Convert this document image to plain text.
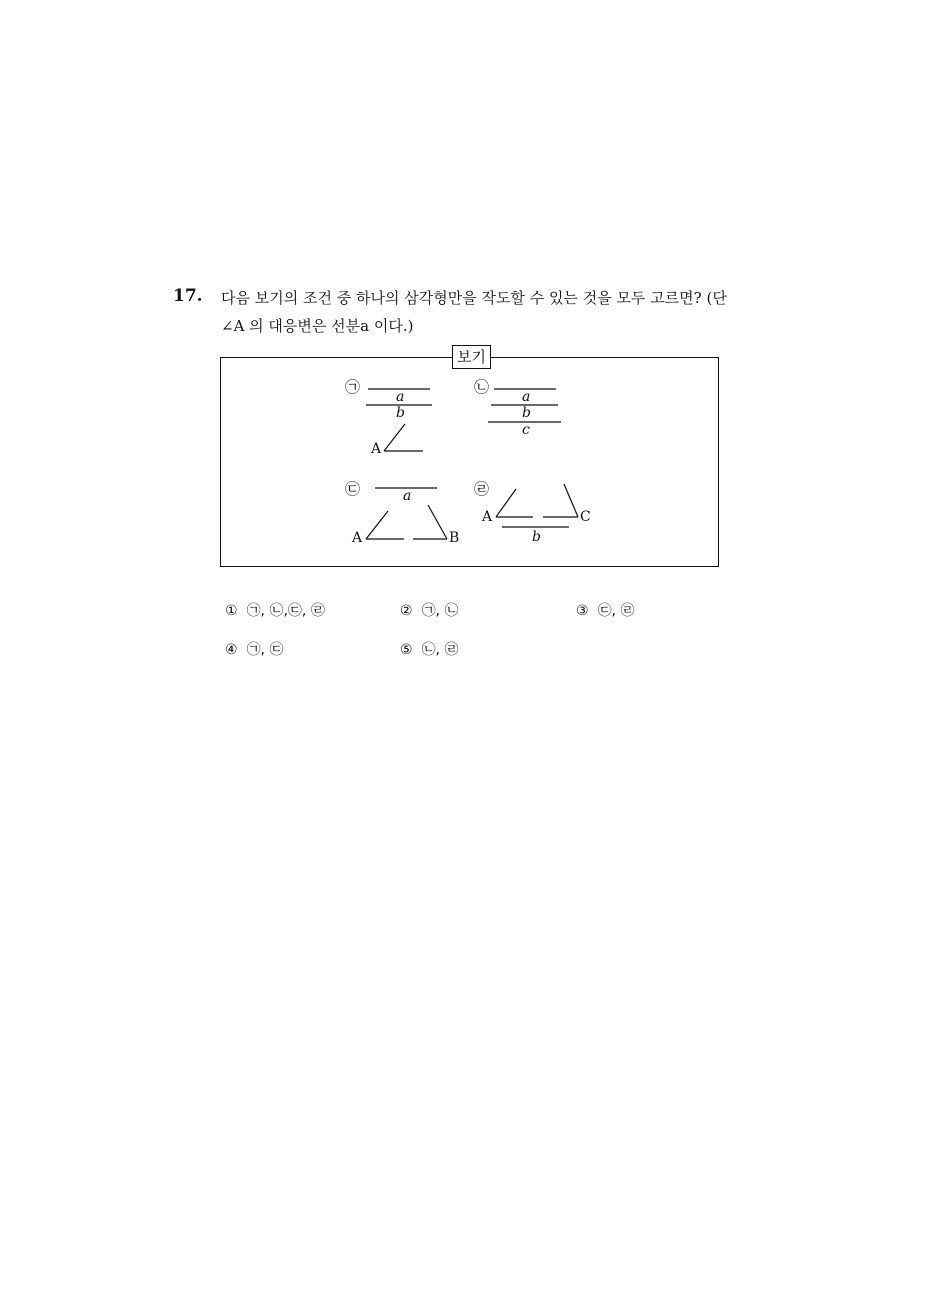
17. 다음 보기의 조건 중 하나의 삼각형만을 작도할 수 있는 것을 모두 고르면? (단
∠A 의 대응변은 선분a 이다.)
보기
㉠
a
b
A
㉡
a
b
c
㉢	a
A	B
㉣
A	C
b
① ㉠, ㉡,㉢, ㉣	② ㉠, ㉡	③ ㉢, ㉣
④ ㉠, ㉢	⑤ ㉡, ㉣
